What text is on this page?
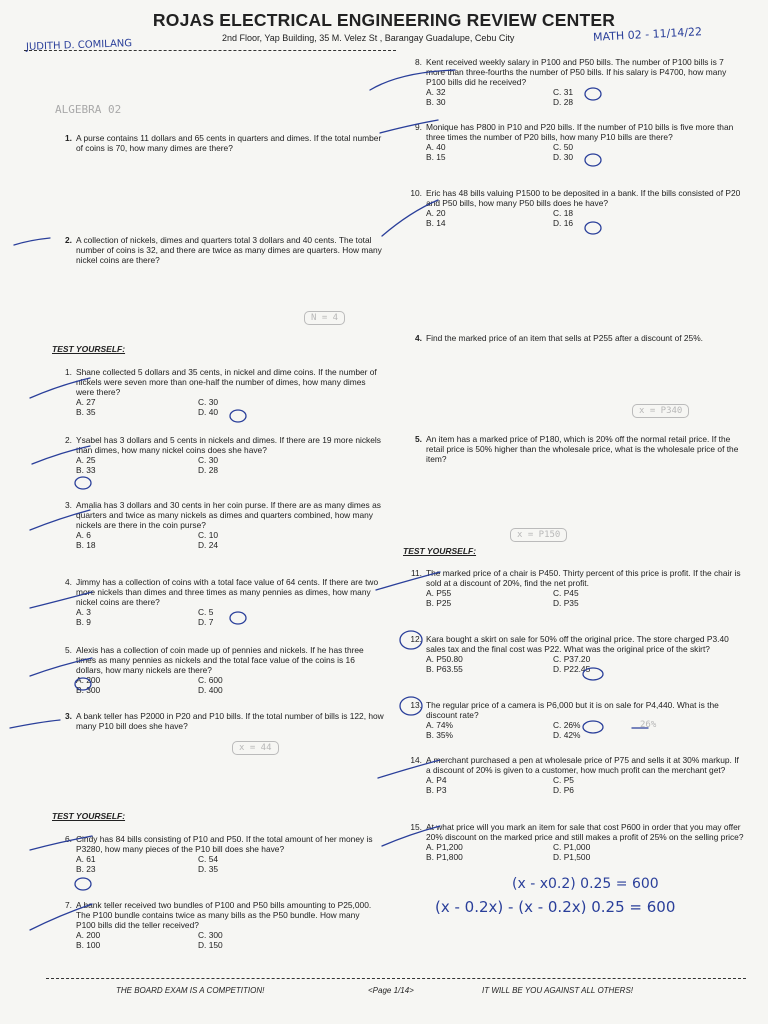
ROJAS ELECTRICAL ENGINEERING REVIEW CENTER
2nd Floor, Yap Building, 35 M. Velez St , Barangay Guadalupe, Cebu City
JUDITH D. COMILANG
MATH 02 - 11/14/22
ALGEBRA 02
1. A purse contains 11 dollars and 65 cents in quarters and dimes. If the total number of coins is 70, how many dimes are there?
2. A collection of nickels, dimes and quarters total 3 dollars and 40 cents. The total number of coins is 32, and there are twice as many dimes are quarters. How many nickel coins are there?
TEST YOURSELF:
1. Shane collected 5 dollars and 35 cents, in nickel and dime coins. If the number of nickels were seven more than one-half the number of dimes, how many dimes were there?
A. 27	C. 30
B. 35	D. 40
2. Ysabel has 3 dollars and 5 cents in nickels and dimes. If there are 19 more nickels than dimes, how many nickel coins does she have?
A. 25	C. 30
B. 33	D. 28
3. Amalia has 3 dollars and 30 cents in her coin purse. If there are as many dimes as quarters and twice as many nickels as dimes and quarters combined, how many nickels are there in the coin purse?
A. 6	C. 10
B. 18	D. 24
4. Jimmy has a collection of coins with a total face value of 64 cents. If there are two more nickels than dimes and three times as many pennies as dimes, how many nickel coins are there?
A. 3	C. 5
B. 9	D. 7
5. Alexis has a collection of coin made up of pennies and nickels. If he has three times as many pennies as nickels and the total face value of the coins is 16 dollars, how many nickels are there?
A. 200	C. 600
B. 300	D. 400
3. A bank teller has P2000 in P20 and P10 bills. If the total number of bills is 122, how many P10 bill does she have?
TEST YOURSELF:
6. Cindy has 84 bills consisting of P10 and P50. If the total amount of her money is P3280, how many pieces of the P10 bill does she have?
A. 61	C. 54
B. 23	D. 35
7. A bank teller received two bundles of P100 and P50 bills amounting to P25,000. The P100 bundle contains twice as many bills as the P50 bundle. How many P100 bills did the teller received?
A. 200	C. 300
B. 100	D. 150
8. Kent received weekly salary in P100 and P50 bills. The number of P100 bills is 7 more than three-fourths the number of P50 bills. If his salary is P4700, how many P100 bills did he received?
A. 32	C. 31
B. 30	D. 28
9. Monique has P800 in P10 and P20 bills. If the number of P10 bills is five more than three times the number of P20 bills, how many P10 bills are there?
A. 40	C. 50
B. 15	D. 30
10. Eric has 48 bills valuing P1500 to be deposited in a bank. If the bills consisted of P20 and P50 bills, how many P50 bills does he have?
A. 20	C. 18
B. 14	D. 16
4. Find the marked price of an item that sells at P255 after a discount of 25%.
5. An item has a marked price of P180, which is 20% off the normal retail price. If the retail price is 50% higher than the wholesale price, what is the wholesale price of the item?
TEST YOURSELF:
11. The marked price of a chair is P450. Thirty percent of this price is profit. If the chair is sold at a discount of 20%, find the net profit.
A. P55	C. P45
B. P25	D. P35
12. Kara bought a skirt on sale for 50% off the original price. The store charged P3.40 sales tax and the final cost was P22. What was the original price of the skirt?
A. P50.80	C. P37.20
B. P63.55	D. P22.45
13. The regular price of a camera is P6,000 but it is on sale for P4,440. What is the discount rate?
A. 74%	C. 26%
B. 35%	D. 42%
14. A merchant purchased a pen at wholesale price of P75 and sells it at 30% markup. If a discount of 20% is given to a customer, how much profit can the merchant get?
A. P4	C. P5
B. P3	D. P6
15. At what price will you mark an item for sale that cost P600 in order that you may offer 20% discount on the marked price and still makes a profit of 25% on the selling price?
A. P1,200	C. P1,000
B. P1,800	D. P1,500
(x - x0.2) 0.25 = 600
(x - 0.2x) - (x - 0.2x) 0.25 = 600
x = 44
N = 4
x = P340
x = P150
26%
THE BOARD EXAM IS A COMPETITION!	<Page 1/14>	IT WILL BE YOU AGAINST ALL OTHERS!
